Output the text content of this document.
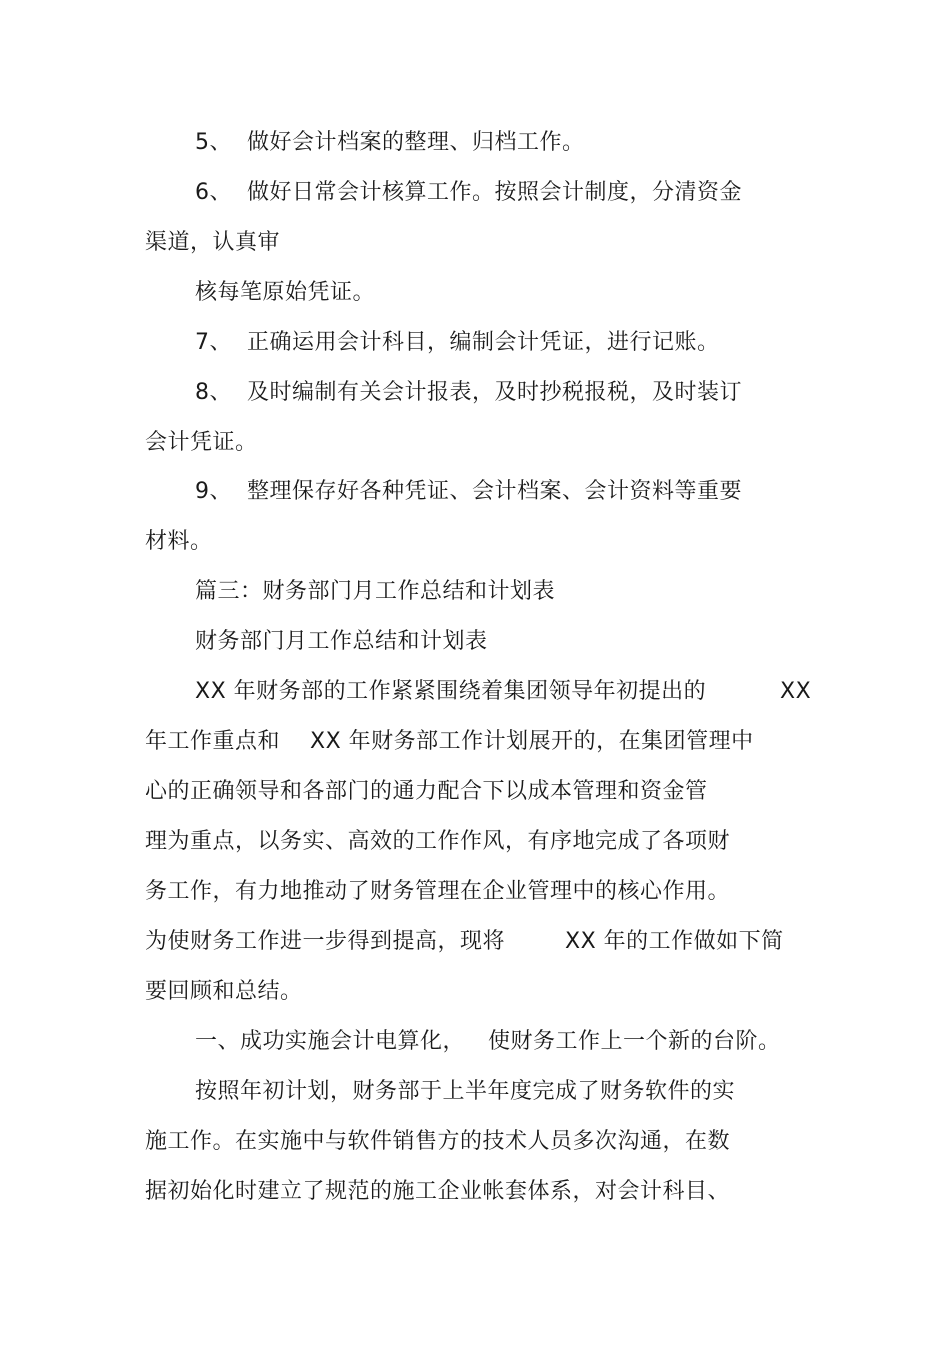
5、 做好会计档案的整理、归档工作。
6、 做好日常会计核算工作。按照会计制度，分清资金
渠道，认真审
核每笔原始凭证。
7、 正确运用会计科目，编制会计凭证，进行记账。
8、 及时编制有关会计报表，及时抄税报税，及时装订
会计凭证。
9、 整理保存好各种凭证、会计档案、会计资料等重要
材料。
篇三：财务部门月工作总结和计划表
财务部门月工作总结和计划表
XX 年财务部的工作紧紧围绕着集团领导年初提出的	XX
年工作重点和 XX 年财务部工作计划展开的，在集团管理中
心的正确领导和各部门的通力配合下以成本管理和资金管
理为重点，以务实、高效的工作作风，有序地完成了各项财
务工作，有力地推动了财务管理在企业管理中的核心作用。
为使财务工作进一步得到提高，现将	XX 年的工作做如下简
要回顾和总结。
一、成功实施会计电算化， 使财务工作上一个新的台阶。
按照年初计划，财务部于上半年度完成了财务软件的实
施工作。在实施中与软件销售方的技术人员多次沟通，在数
据初始化时建立了规范的施工企业帐套体系，对会计科目、
